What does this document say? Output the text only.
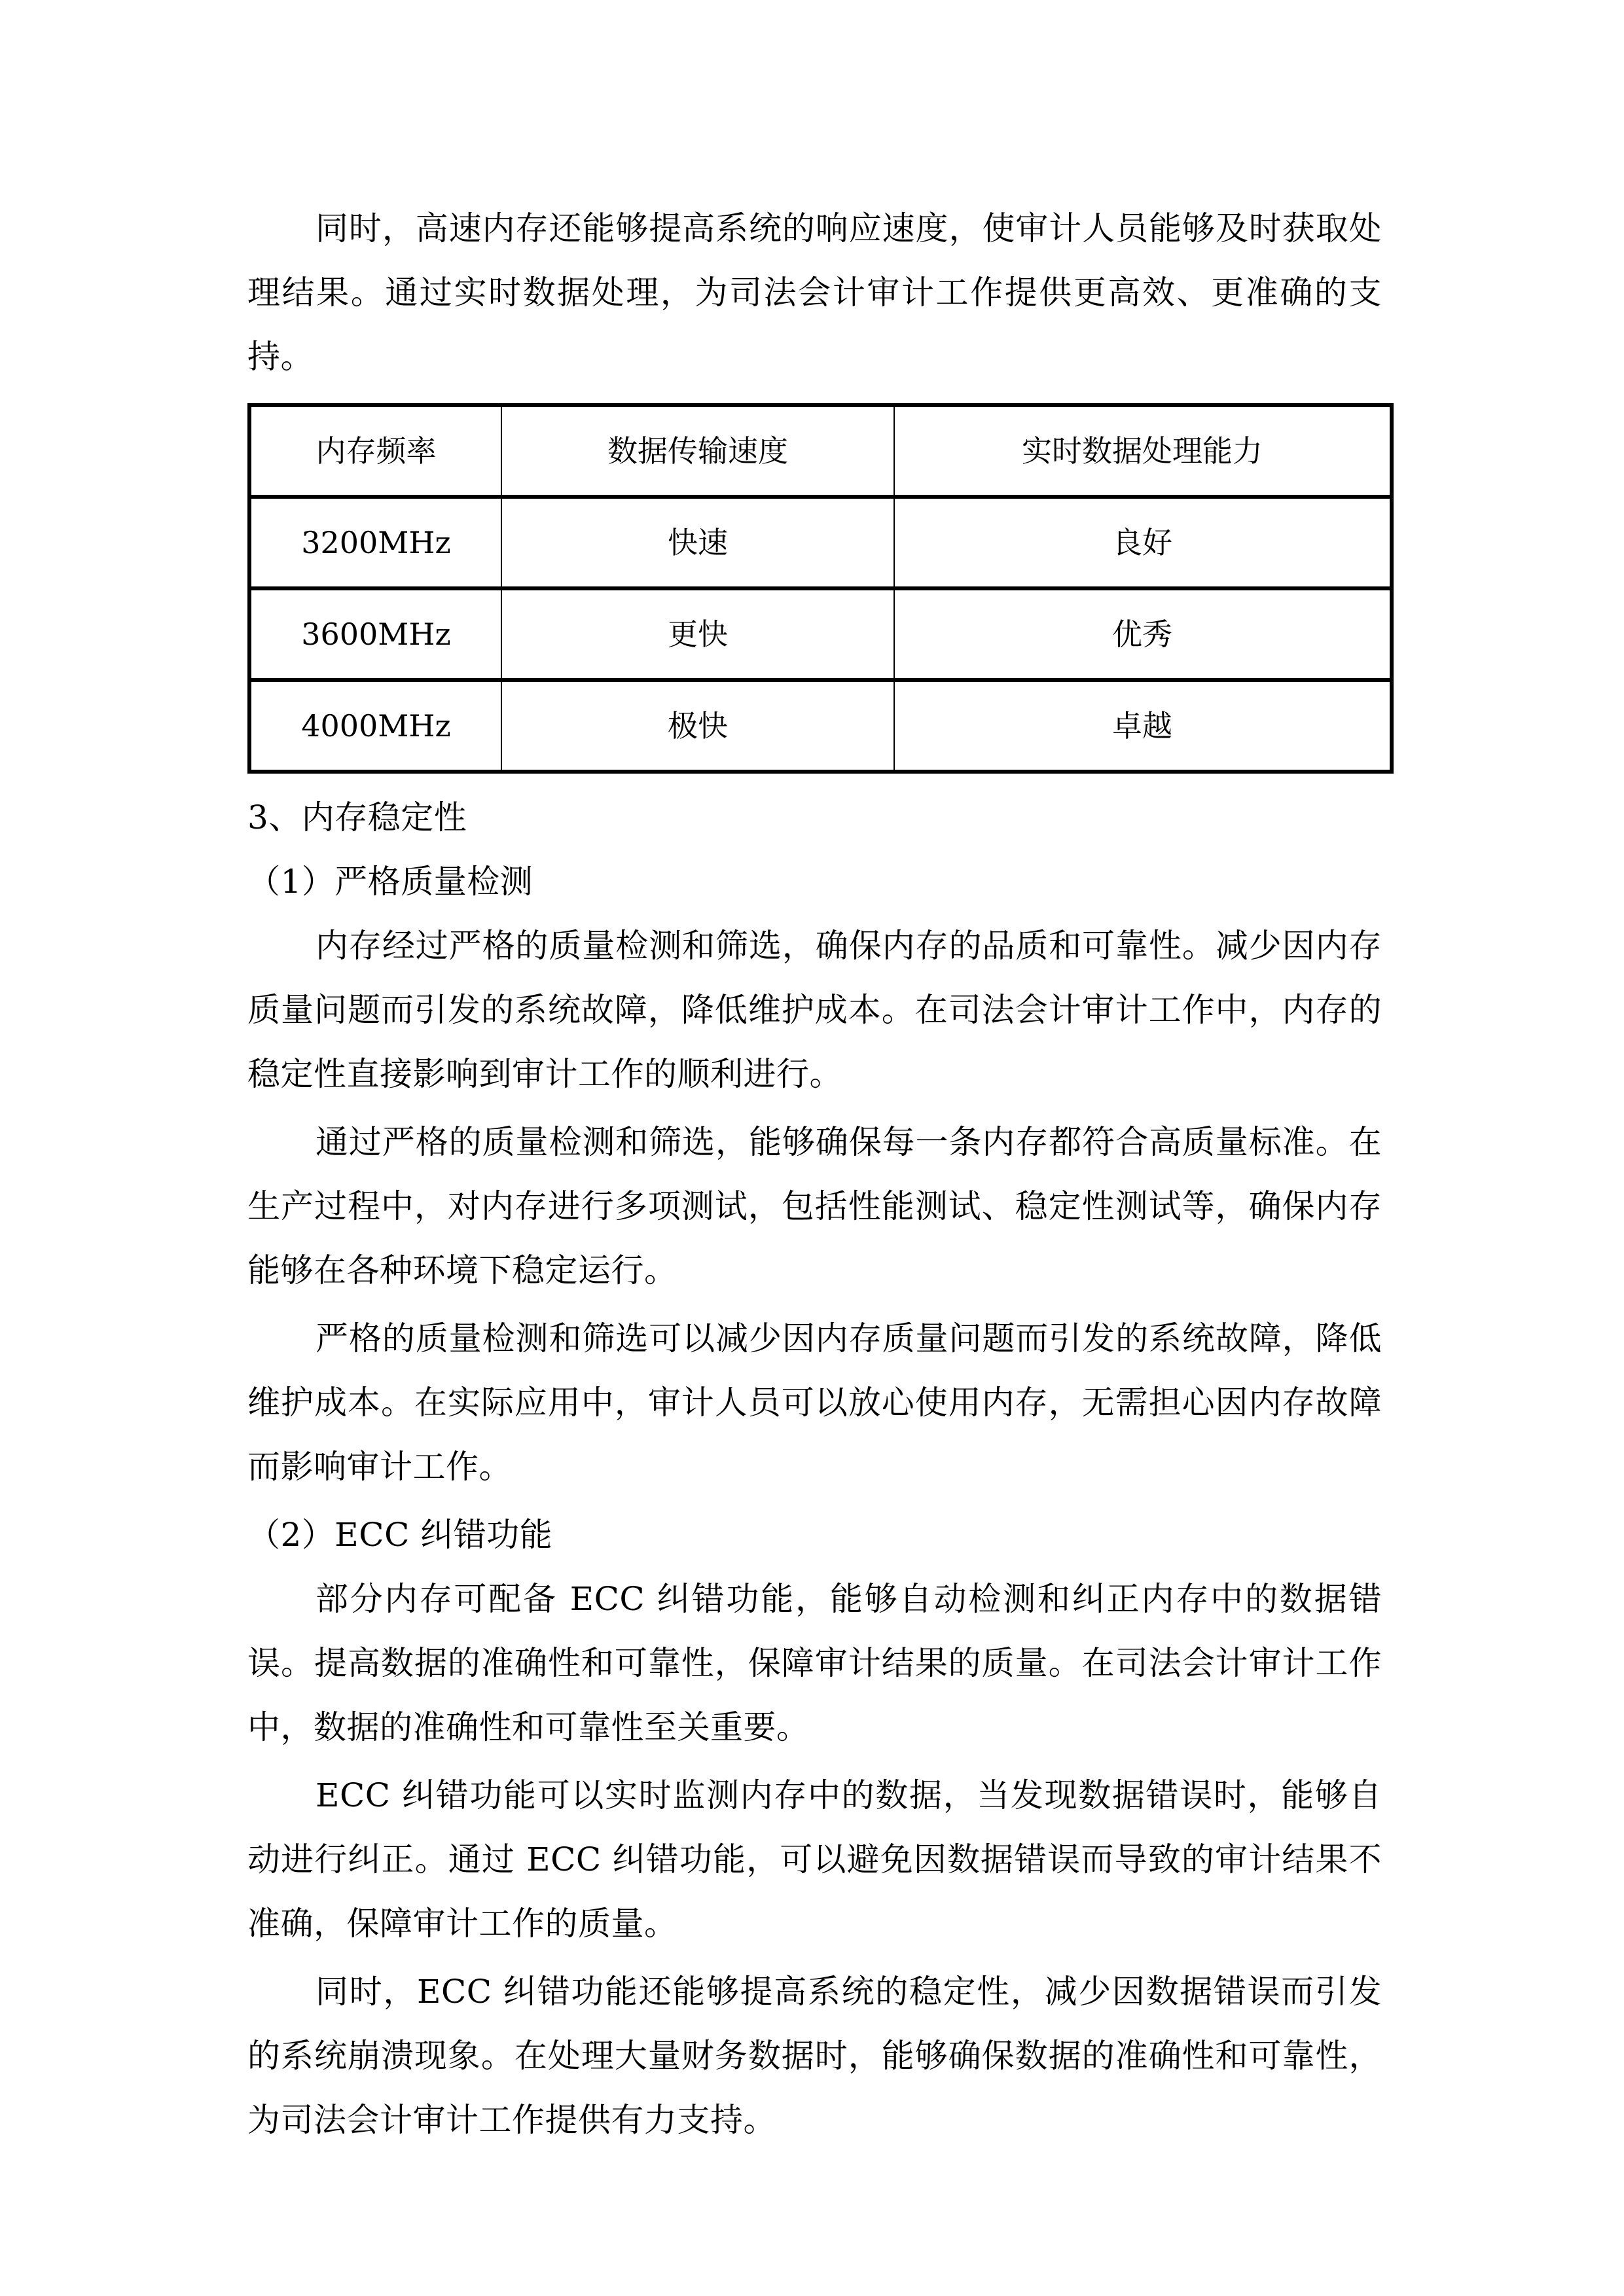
同时，高速内存还能够提高系统的响应速度，使审计人员能够及时获取处理结果。通过实时数据处理，为司法会计审计工作提供更高效、更准确的支持。

内存频率	数据传输速度	实时数据处理能力
3200MHz	快速	良好
3600MHz	更快	优秀
4000MHz	极快	卓越

3、内存稳定性

（1）严格质量检测

内存经过严格的质量检测和筛选，确保内存的品质和可靠性。减少因内存质量问题而引发的系统故障，降低维护成本。在司法会计审计工作中，内存的稳定性直接影响到审计工作的顺利进行。

通过严格的质量检测和筛选，能够确保每一条内存都符合高质量标准。在生产过程中，对内存进行多项测试，包括性能测试、稳定性测试等，确保内存能够在各种环境下稳定运行。

严格的质量检测和筛选可以减少因内存质量问题而引发的系统故障，降低维护成本。在实际应用中，审计人员可以放心使用内存，无需担心因内存故障而影响审计工作。

（2）ECC 纠错功能

部分内存可配备 ECC 纠错功能，能够自动检测和纠正内存中的数据错误。提高数据的准确性和可靠性，保障审计结果的质量。在司法会计审计工作中，数据的准确性和可靠性至关重要。

ECC 纠错功能可以实时监测内存中的数据，当发现数据错误时，能够自动进行纠正。通过 ECC 纠错功能，可以避免因数据错误而导致的审计结果不准确，保障审计工作的质量。

同时，ECC 纠错功能还能够提高系统的稳定性，减少因数据错误而引发的系统崩溃现象。在处理大量财务数据时，能够确保数据的准确性和可靠性，为司法会计审计工作提供有力支持。
